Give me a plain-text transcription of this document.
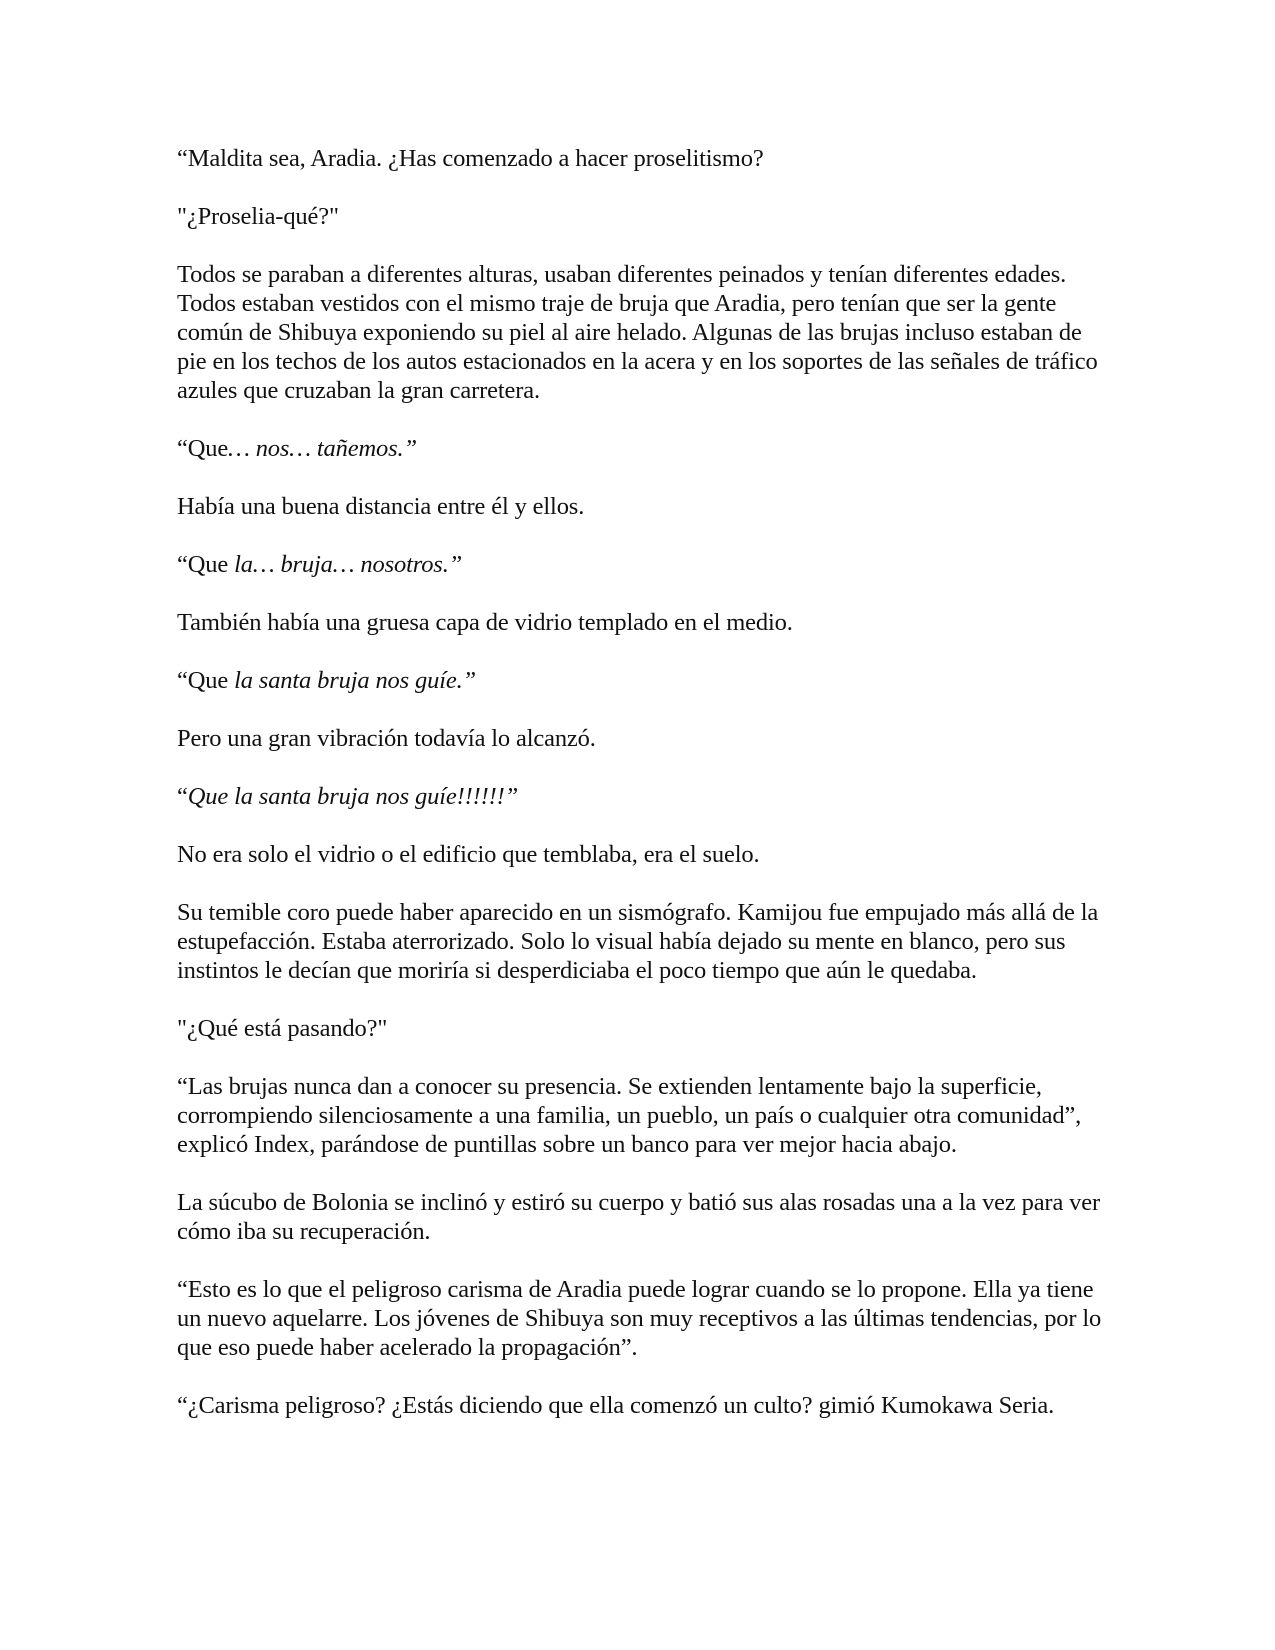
“Maldita sea, Aradia. ¿Has comenzado a hacer proselitismo?

"¿Proselia-qué?"

Todos se paraban a diferentes alturas, usaban diferentes peinados y tenían diferentes edades. Todos estaban vestidos con el mismo traje de bruja que Aradia, pero tenían que ser la gente común de Shibuya exponiendo su piel al aire helado. Algunas de las brujas incluso estaban de pie en los techos de los autos estacionados en la acera y en los soportes de las señales de tráfico azules que cruzaban la gran carretera.

“Que… nos… tañemos.”

Había una buena distancia entre él y ellos.

“Que la… bruja… nosotros.”

También había una gruesa capa de vidrio templado en el medio.

“Que la santa bruja nos guíe.”

Pero una gran vibración todavía lo alcanzó.

“Que la santa bruja nos guíe!!!!!!”

No era solo el vidrio o el edificio que temblaba, era el suelo.

Su temible coro puede haber aparecido en un sismógrafo. Kamijou fue empujado más allá de la estupefacción. Estaba aterrorizado. Solo lo visual había dejado su mente en blanco, pero sus instintos le decían que moriría si desperdiciaba el poco tiempo que aún le quedaba.

"¿Qué está pasando?"

“Las brujas nunca dan a conocer su presencia. Se extienden lentamente bajo la superficie, corrompiendo silenciosamente a una familia, un pueblo, un país o cualquier otra comunidad”, explicó Index, parándose de puntillas sobre un banco para ver mejor hacia abajo.

La súcubo de Bolonia se inclinó y estiró su cuerpo y batió sus alas rosadas una a la vez para ver cómo iba su recuperación.

“Esto es lo que el peligroso carisma de Aradia puede lograr cuando se lo propone. Ella ya tiene un nuevo aquelarre. Los jóvenes de Shibuya son muy receptivos a las últimas tendencias, por lo que eso puede haber acelerado la propagación”.

“¿Carisma peligroso? ¿Estás diciendo que ella comenzó un culto? gimió Kumokawa Seria.
